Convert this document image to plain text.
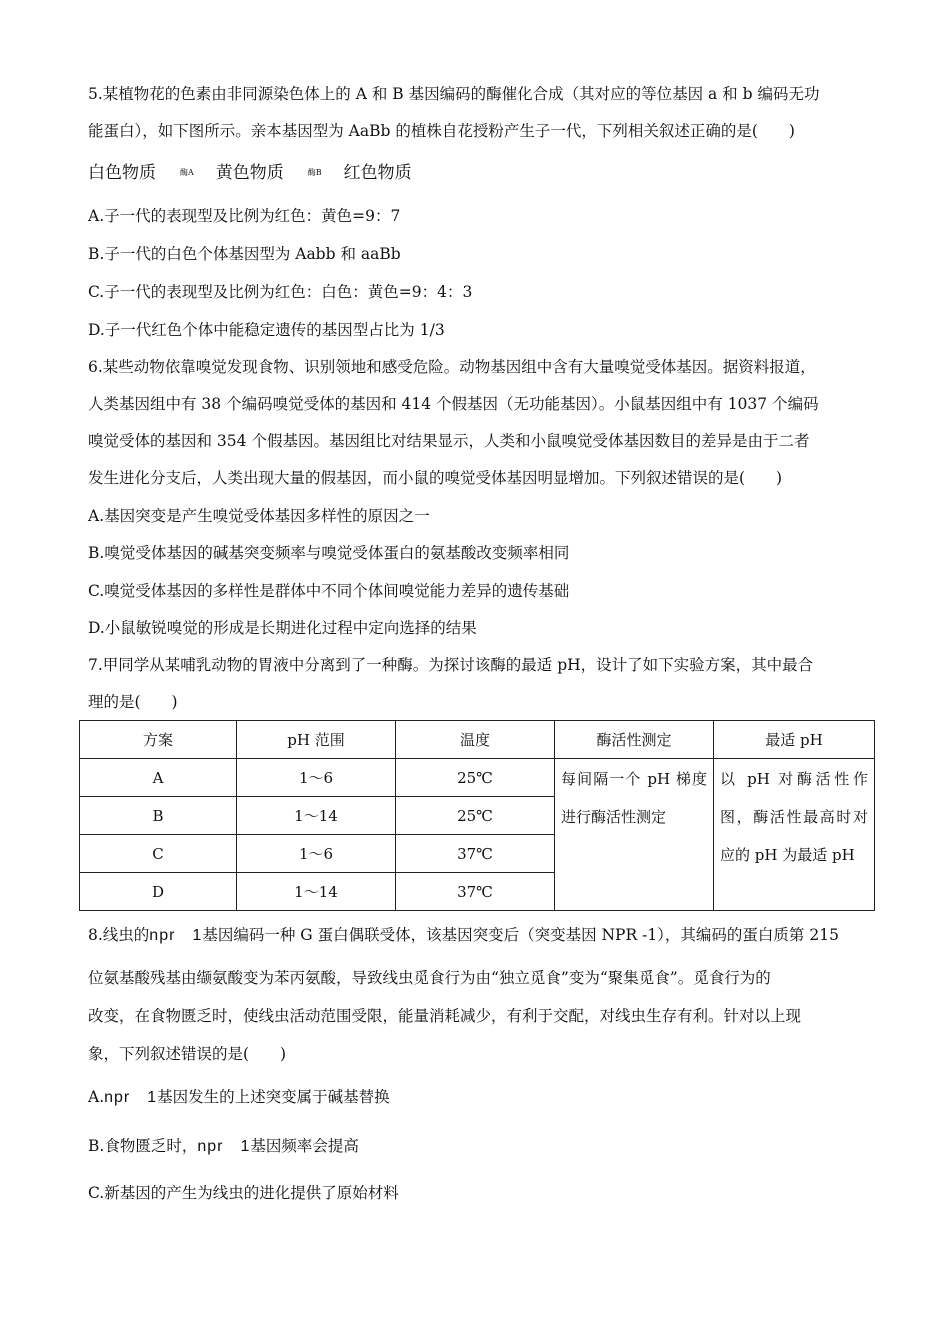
5.某植物花的色素由非同源染色体上的 A 和 B 基因编码的酶催化合成（其对应的等位基因 a 和 b 编码无功
能蛋白），如下图所示。亲本基因型为 AaBb 的植株自花授粉产生子一代，下列相关叙述正确的是(　　)
白色物质	酶A 黄色物质	酶B 红色物质
A.子一代的表现型及比例为红色：黄色=9：7
B.子一代的白色个体基因型为 Aabb 和 aaBb
C.子一代的表现型及比例为红色：白色：黄色=9：4：3
D.子一代红色个体中能稳定遗传的基因型占比为 1/3
6.某些动物依靠嗅觉发现食物、识别领地和感受危险。动物基因组中含有大量嗅觉受体基因。据资料报道，
人类基因组中有 38 个编码嗅觉受体的基因和 414 个假基因（无功能基因）。小鼠基因组中有 1037 个编码
嗅觉受体的基因和 354 个假基因。基因组比对结果显示，人类和小鼠嗅觉受体基因数目的差异是由于二者
发生进化分支后，人类出现大量的假基因，而小鼠的嗅觉受体基因明显增加。下列叙述错误的是(　　)
A.基因突变是产生嗅觉受体基因多样性的原因之一
B.嗅觉受体基因的碱基突变频率与嗅觉受体蛋白的氨基酸改变频率相同
C.嗅觉受体基因的多样性是群体中不同个体间嗅觉能力差异的遗传基础
D.小鼠敏锐嗅觉的形成是长期进化过程中定向选择的结果
7.甲同学从某哺乳动物的胃液中分离到了一种酶。为探讨该酶的最适 pH，设计了如下实验方案，其中最合
理的是(　　)
方案	pH 范围	温度	酶活性测定	最适 pH
A	1～6	25℃	每间隔一个 pH 梯度进行酶活性测定	以 pH 对酶活性作图，酶活性最高时对应的 pH 为最适 pH
B	1～14	25℃		
C	1～6	37℃		
D	1～14	37℃		
8.线虫的npr　1基因编码一种 G 蛋白偶联受体，该基因突变后（突变基因 NPR -1），其编码的蛋白质第 215
位氨基酸残基由缬氨酸变为苯丙氨酸，导致线虫觅食行为由“独立觅食”变为“聚集觅食”。觅食行为的
改变，在食物匮乏时，使线虫活动范围受限，能量消耗减少，有利于交配，对线虫生存有利。针对以上现
象，下列叙述错误的是(　　)
A.npr　1基因发生的上述突变属于碱基替换
B.食物匮乏时，npr　1基因频率会提高
C.新基因的产生为线虫的进化提供了原始材料
